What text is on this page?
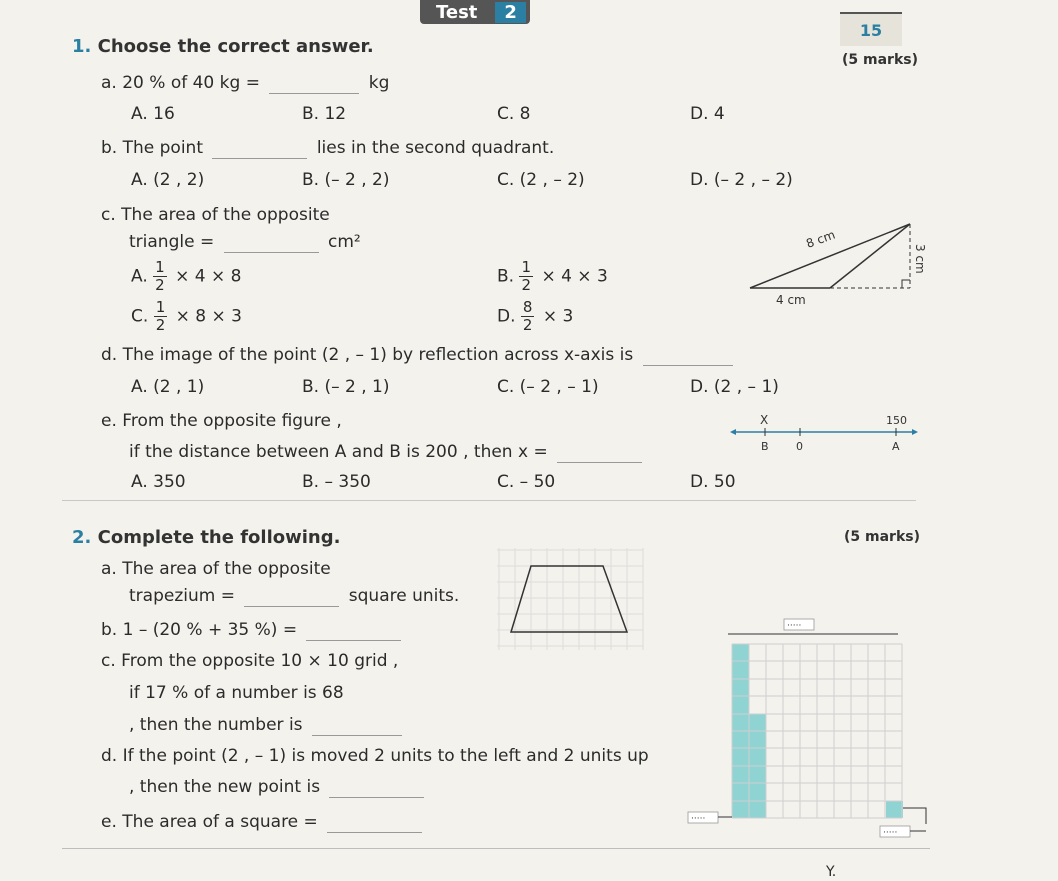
Test	2
15
1. Choose the correct answer.
(5 marks)
a. 20 % of 40 kg =	kg
A. 16	B. 12	C. 8	D. 4
b. The point	lies in the second quadrant.
A. (2 , 2)	B. (– 2 , 2)	C. (2 , – 2)	D. (– 2 , – 2)
c. The area of the opposite
triangle =	cm²
A. $\frac{1}{2} \times 4 \times 8$	B. $\frac{1}{2} \times 4 \times 3$
C. $\frac{1}{2} \times 8 \times 3$	D. $\frac{8}{2} \times 3$
8 cm
3 cm
4 cm
d. The image of the point (2 , – 1) by reflection across x-axis is
A. (2 , 1)	B. (– 2 , 1)	C. (– 2 , – 1)	D. (2 , – 1)
e. From the opposite figure ,
if the distance between A and B is 200 , then x =
X	150
B 0	A
A. 350	B. – 350	C. – 50	D. 50
2. Complete the following.	(5 marks)
a. The area of the opposite
trapezium =	square units.
b. 1 – (20 % + 35 %) =
c. From the opposite 10 × 10 grid ,
if 17 % of a number is 68
, then the number is
d. If the point (2 , – 1) is moved 2 units to the left and 2 units up
, then the new point is
e. The area of a square =
·····
·····
·····
Y.
